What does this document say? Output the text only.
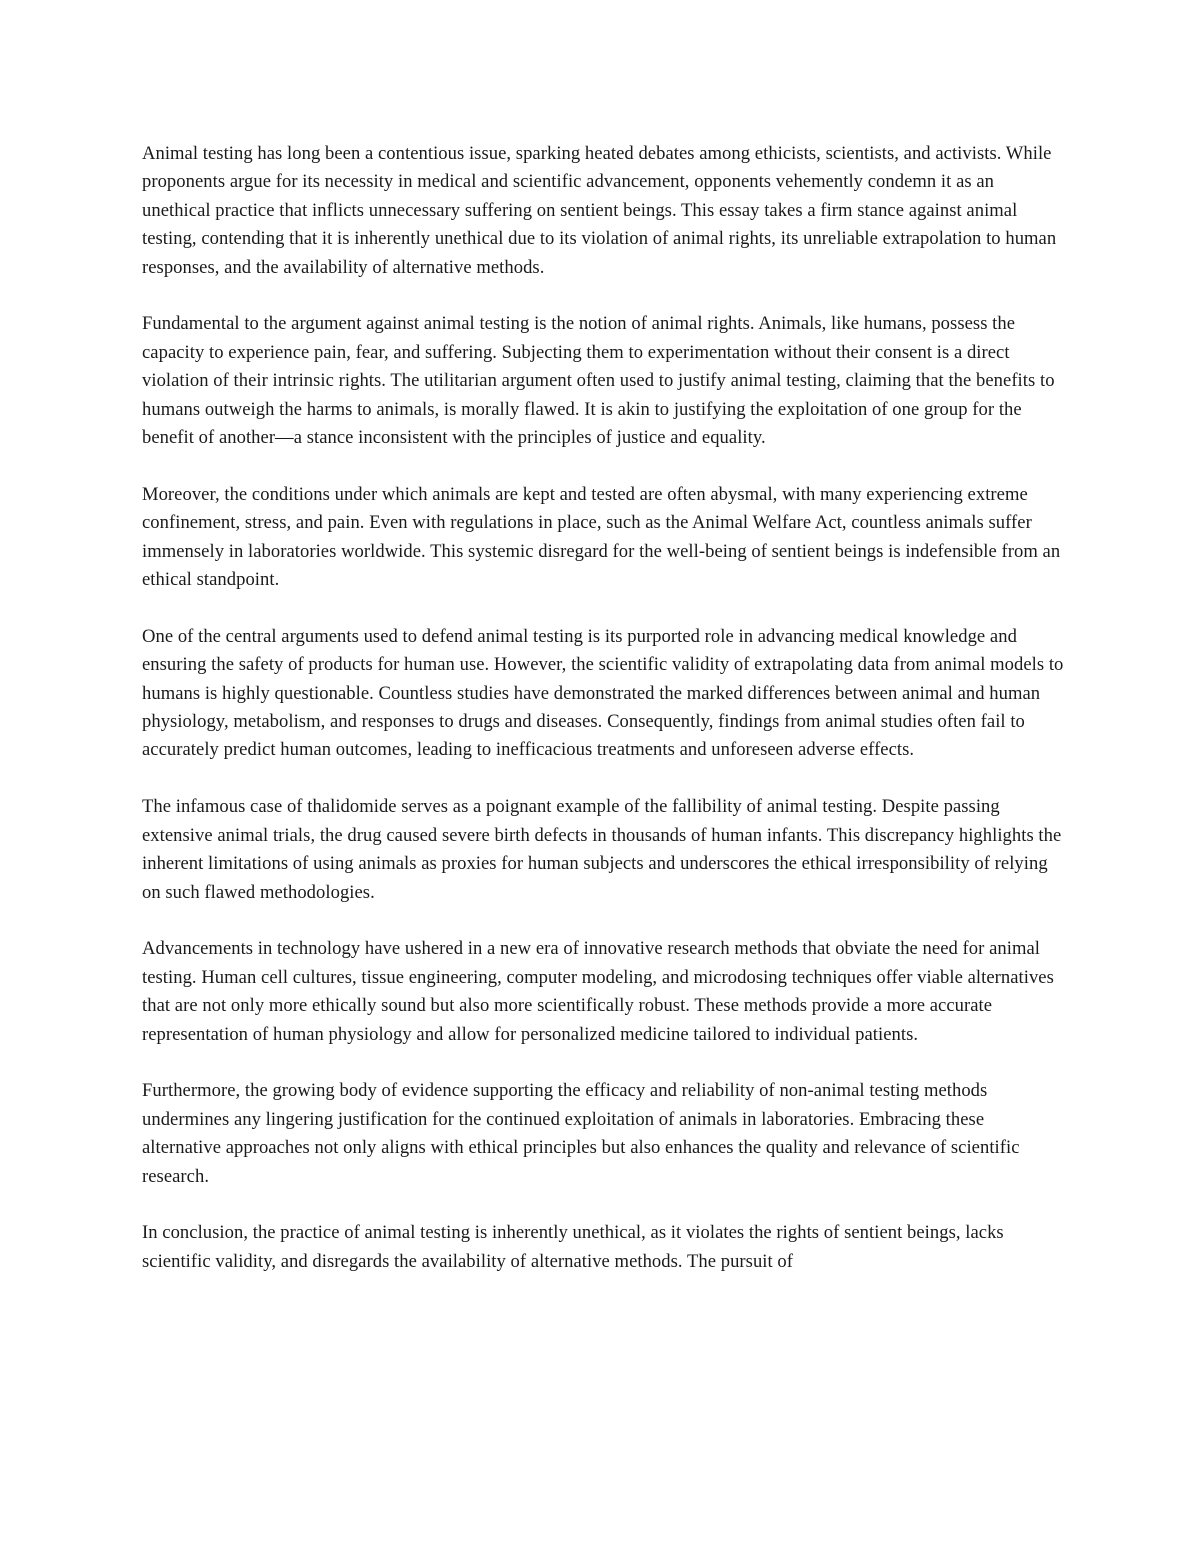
Animal testing has long been a contentious issue, sparking heated debates among ethicists, scientists, and activists. While proponents argue for its necessity in medical and scientific advancement, opponents vehemently condemn it as an unethical practice that inflicts unnecessary suffering on sentient beings. This essay takes a firm stance against animal testing, contending that it is inherently unethical due to its violation of animal rights, its unreliable extrapolation to human responses, and the availability of alternative methods.

Fundamental to the argument against animal testing is the notion of animal rights. Animals, like humans, possess the capacity to experience pain, fear, and suffering. Subjecting them to experimentation without their consent is a direct violation of their intrinsic rights. The utilitarian argument often used to justify animal testing, claiming that the benefits to humans outweigh the harms to animals, is morally flawed. It is akin to justifying the exploitation of one group for the benefit of another—a stance inconsistent with the principles of justice and equality.

Moreover, the conditions under which animals are kept and tested are often abysmal, with many experiencing extreme confinement, stress, and pain. Even with regulations in place, such as the Animal Welfare Act, countless animals suffer immensely in laboratories worldwide. This systemic disregard for the well-being of sentient beings is indefensible from an ethical standpoint.

One of the central arguments used to defend animal testing is its purported role in advancing medical knowledge and ensuring the safety of products for human use. However, the scientific validity of extrapolating data from animal models to humans is highly questionable. Countless studies have demonstrated the marked differences between animal and human physiology, metabolism, and responses to drugs and diseases. Consequently, findings from animal studies often fail to accurately predict human outcomes, leading to inefficacious treatments and unforeseen adverse effects.

The infamous case of thalidomide serves as a poignant example of the fallibility of animal testing. Despite passing extensive animal trials, the drug caused severe birth defects in thousands of human infants. This discrepancy highlights the inherent limitations of using animals as proxies for human subjects and underscores the ethical irresponsibility of relying on such flawed methodologies.

Advancements in technology have ushered in a new era of innovative research methods that obviate the need for animal testing. Human cell cultures, tissue engineering, computer modeling, and microdosing techniques offer viable alternatives that are not only more ethically sound but also more scientifically robust. These methods provide a more accurate representation of human physiology and allow for personalized medicine tailored to individual patients.

Furthermore, the growing body of evidence supporting the efficacy and reliability of non-animal testing methods undermines any lingering justification for the continued exploitation of animals in laboratories. Embracing these alternative approaches not only aligns with ethical principles but also enhances the quality and relevance of scientific research.

In conclusion, the practice of animal testing is inherently unethical, as it violates the rights of sentient beings, lacks scientific validity, and disregards the availability of alternative methods. The pursuit of
